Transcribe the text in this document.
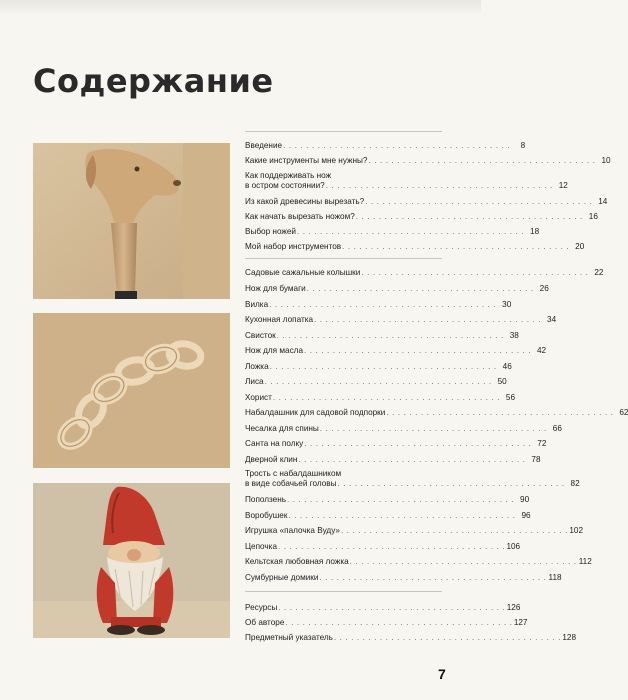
Содержание
Введение . . . . . . . . . . . . . . . . . . . . . . . . . . . . . . . . . . . . . . . .	8
Какие инструменты мне нужны? . . . . . . . . . . . . . . . . . . . . . . . . . . . . . . . . . . . . . . . . 10
Как поддерживать нож
в остром состоянии? . . . . . . . . . . . . . . . . . . . . . . . . . . . . . . . . . . . . . . . . 12
Из какой древесины вырезать? . . . . . . . . . . . . . . . . . . . . . . . . . . . . . . . . . . . . . . . . 14
Как начать вырезать ножом? . . . . . . . . . . . . . . . . . . . . . . . . . . . . . . . . . . . . . . . . 16
Выбор ножей . . . . . . . . . . . . . . . . . . . . . . . . . . . . . . . . . . . . . . . . 18
Мой набор инструментов . . . . . . . . . . . . . . . . . . . . . . . . . . . . . . . . . . . . . . . . 20
Садовые сажальные колышки . . . . . . . . . . . . . . . . . . . . . . . . . . . . . . . . . . . . . . . . 22
Нож для бумаги . . . . . . . . . . . . . . . . . . . . . . . . . . . . . . . . . . . . . . . . 26
Вилка . . . . . . . . . . . . . . . . . . . . . . . . . . . . . . . . . . . . . . . . 30
Кухонная лопатка . . . . . . . . . . . . . . . . . . . . . . . . . . . . . . . . . . . . . . . . 34
Свисток . . . . . . . . . . . . . . . . . . . . . . . . . . . . . . . . . . . . . . . . 38
Нож для масла . . . . . . . . . . . . . . . . . . . . . . . . . . . . . . . . . . . . . . . . 42
Ложка . . . . . . . . . . . . . . . . . . . . . . . . . . . . . . . . . . . . . . . . 46
Лиса . . . . . . . . . . . . . . . . . . . . . . . . . . . . . . . . . . . . . . . . 50
Хорист . . . . . . . . . . . . . . . . . . . . . . . . . . . . . . . . . . . . . . . . 56
Набалдашник для садовой подпорки . . . . . . . . . . . . . . . . . . . . . . . . . . . . . . . . . . . . . . . . 62
Чесалка для спины . . . . . . . . . . . . . . . . . . . . . . . . . . . . . . . . . . . . . . . . 66
Санта на полку . . . . . . . . . . . . . . . . . . . . . . . . . . . . . . . . . . . . . . . . 72
Дверной клин . . . . . . . . . . . . . . . . . . . . . . . . . . . . . . . . . . . . . . . . 78
Трость с набалдашником
в виде собачьей головы . . . . . . . . . . . . . . . . . . . . . . . . . . . . . . . . . . . . . . . . 82
Поползень . . . . . . . . . . . . . . . . . . . . . . . . . . . . . . . . . . . . . . . . 90
Воробушек . . . . . . . . . . . . . . . . . . . . . . . . . . . . . . . . . . . . . . . . 96
Игрушка «палочка Вуду» . . . . . . . . . . . . . . . . . . . . . . . . . . . . . . . . . . . . . . . . 102
Цепочка . . . . . . . . . . . . . . . . . . . . . . . . . . . . . . . . . . . . . . . . 106
Кельтская любовная ложка . . . . . . . . . . . . . . . . . . . . . . . . . . . . . . . . . . . . . . . . 112
Сумбурные домики . . . . . . . . . . . . . . . . . . . . . . . . . . . . . . . . . . . . . . . . 118
Ресурсы . . . . . . . . . . . . . . . . . . . . . . . . . . . . . . . . . . . . . . . . 126
Об авторе . . . . . . . . . . . . . . . . . . . . . . . . . . . . . . . . . . . . . . . . 127
Предметный указатель . . . . . . . . . . . . . . . . . . . . . . . . . . . . . . . . . . . . . . . . 128
7
